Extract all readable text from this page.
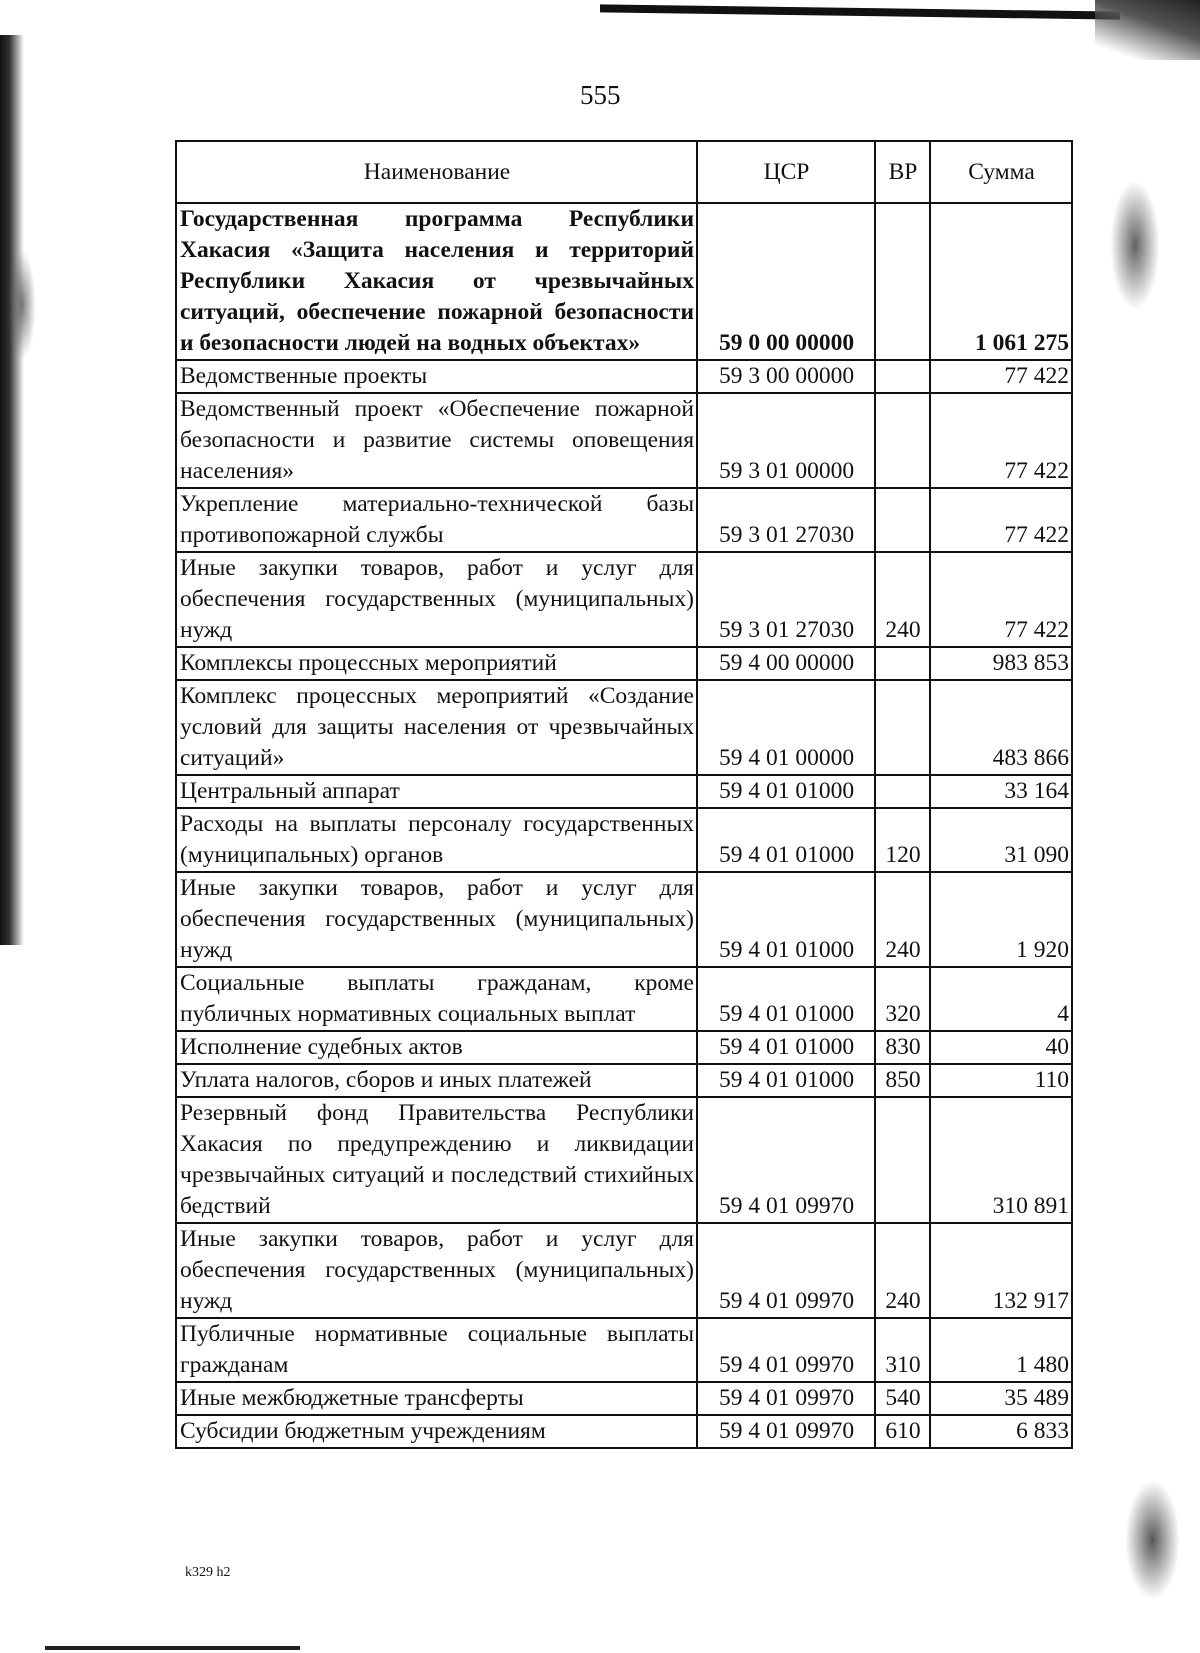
555
Наименование	ЦСР	ВР	Сумма
Государственная программа Республики Хакасия «Защита населения и территорий Республики Хакасия от чрезвычайных ситуаций, обеспечение пожарной безопасности и безопасности людей на водных объектах»	59 0 00 00000		1 061 275
Ведомственные проекты	59 3 00 00000		77 422
Ведомственный проект «Обеспечение пожарной безопасности и развитие системы оповещения населения»	59 3 01 00000		77 422
Укрепление материально-технической базы противопожарной службы	59 3 01 27030		77 422
Иные закупки товаров, работ и услуг для обеспечения государственных (муниципальных) нужд	59 3 01 27030	240	77 422
Комплексы процессных мероприятий	59 4 00 00000		983 853
Комплекс процессных мероприятий «Создание условий для защиты населения от чрезвычайных ситуаций»	59 4 01 00000		483 866
Центральный аппарат	59 4 01 01000		33 164
Расходы на выплаты персоналу государственных (муниципальных) органов	59 4 01 01000	120	31 090
Иные закупки товаров, работ и услуг для обеспечения государственных (муниципальных) нужд	59 4 01 01000	240	1 920
Социальные выплаты гражданам, кроме публичных нормативных социальных выплат	59 4 01 01000	320	4
Исполнение судебных актов	59 4 01 01000	830	40
Уплата налогов, сборов и иных платежей	59 4 01 01000	850	110
Резервный фонд Правительства Республики Хакасия по предупреждению и ликвидации чрезвычайных ситуаций и последствий стихийных бедствий	59 4 01 09970		310 891
Иные закупки товаров, работ и услуг для обеспечения государственных (муниципальных) нужд	59 4 01 09970	240	132 917
Публичные нормативные социальные выплаты гражданам	59 4 01 09970	310	1 480
Иные межбюджетные трансферты	59 4 01 09970	540	35 489
Субсидии бюджетным учреждениям	59 4 01 09970	610	6 833
k329 h2
